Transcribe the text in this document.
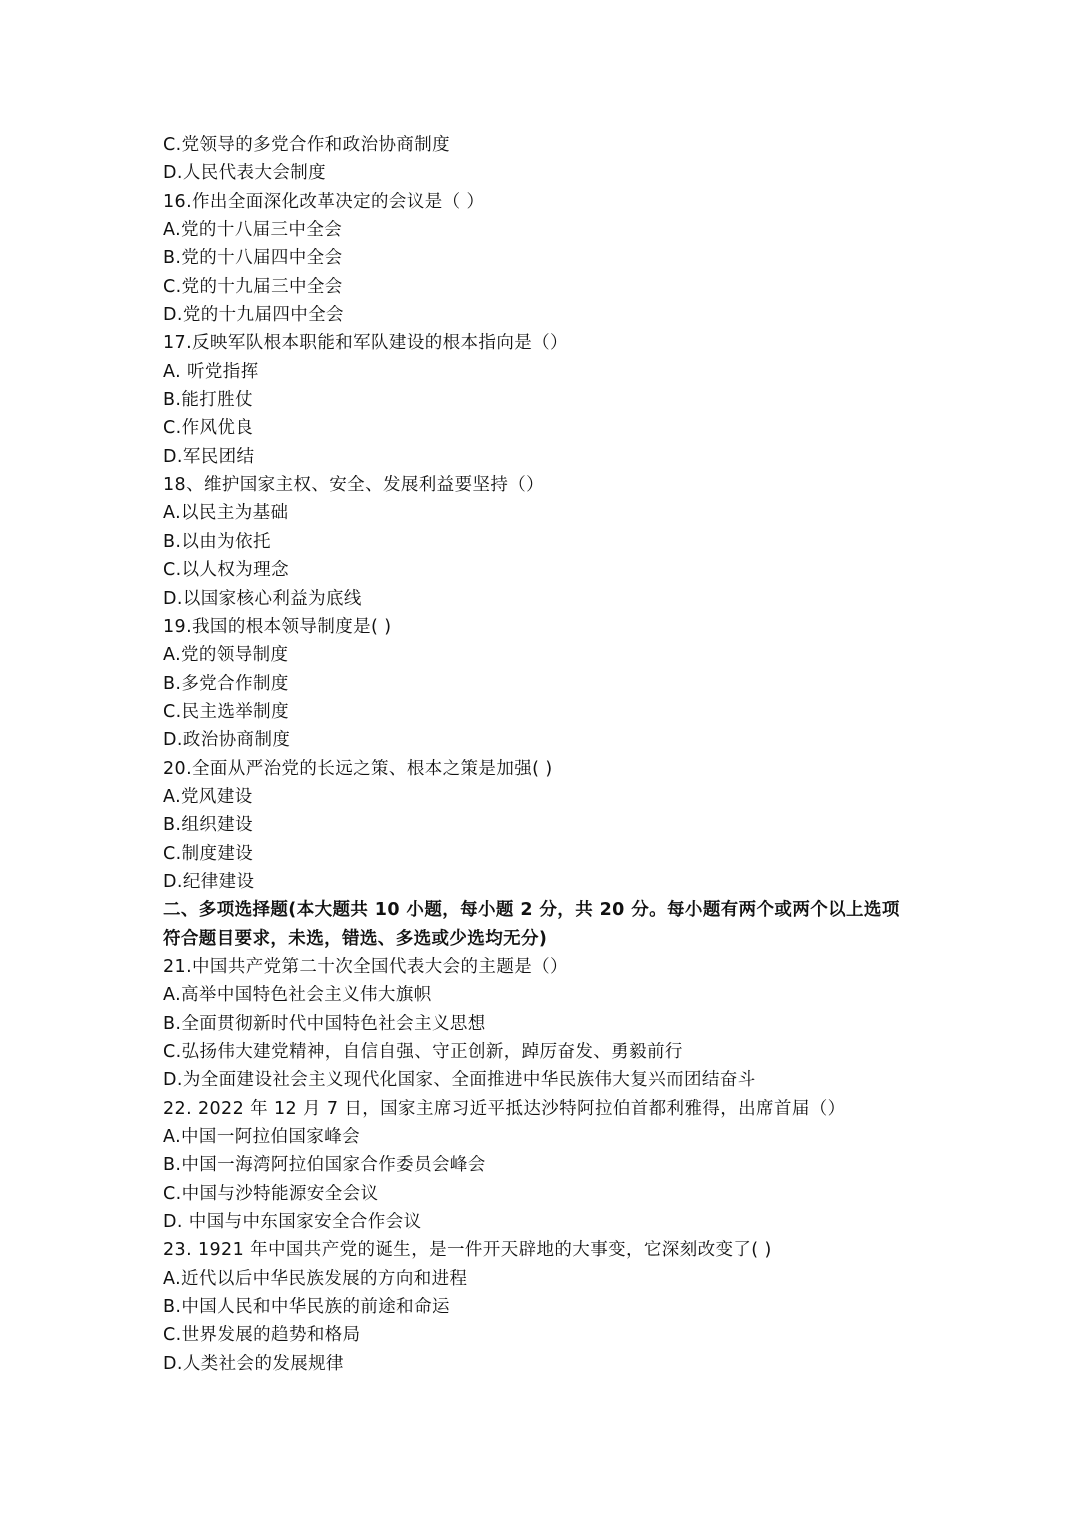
C.党领导的多党合作和政治协商制度
D.人民代表大会制度
16.作出全面深化改革决定的会议是（ ）
A.党的十八届三中全会
B.党的十八届四中全会
C.党的十九届三中全会
D.党的十九届四中全会
17.反映军队根本职能和军队建设的根本指向是（）
A. 听党指挥
B.能打胜仗
C.作风优良
D.军民团结
18、维护国家主权、安全、发展利益要坚持（）
A.以民主为基础
B.以由为依托
C.以人权为理念
D.以国家核心利益为底线
19.我国的根本领导制度是( )
A.党的领导制度
B.多党合作制度
C.民主选举制度
D.政治协商制度
20.全面从严治党的长远之策、根本之策是加强( )
A.党风建设
B.组织建设
C.制度建设
D.纪律建设
二、多项选择题(本大题共 10 小题，每小题 2 分，共 20 分。每小题有两个或两个以上选项
符合题目要求，未选，错选、多选或少选均无分)
21.中国共产党第二十次全国代表大会的主题是（）
A.高举中国特色社会主义伟大旗帜
B.全面贯彻新时代中国特色社会主义思想
C.弘扬伟大建党精神，自信自强、守正创新，踔厉奋发、勇毅前行
D.为全面建设社会主义现代化国家、全面推进中华民族伟大复兴而团结奋斗
22. 2022 年 12 月 7 日，国家主席习近平抵达沙特阿拉伯首都利雅得，出席首届（）
A.中国一阿拉伯国家峰会
B.中国一海湾阿拉伯国家合作委员会峰会
C.中国与沙特能源安全会议
D. 中国与中东国家安全合作会议
23. 1921 年中国共产党的诞生，是一件开天辟地的大事变，它深刻改变了( )
A.近代以后中华民族发展的方向和进程
B.中国人民和中华民族的前途和命运
C.世界发展的趋势和格局
D.人类社会的发展规律
